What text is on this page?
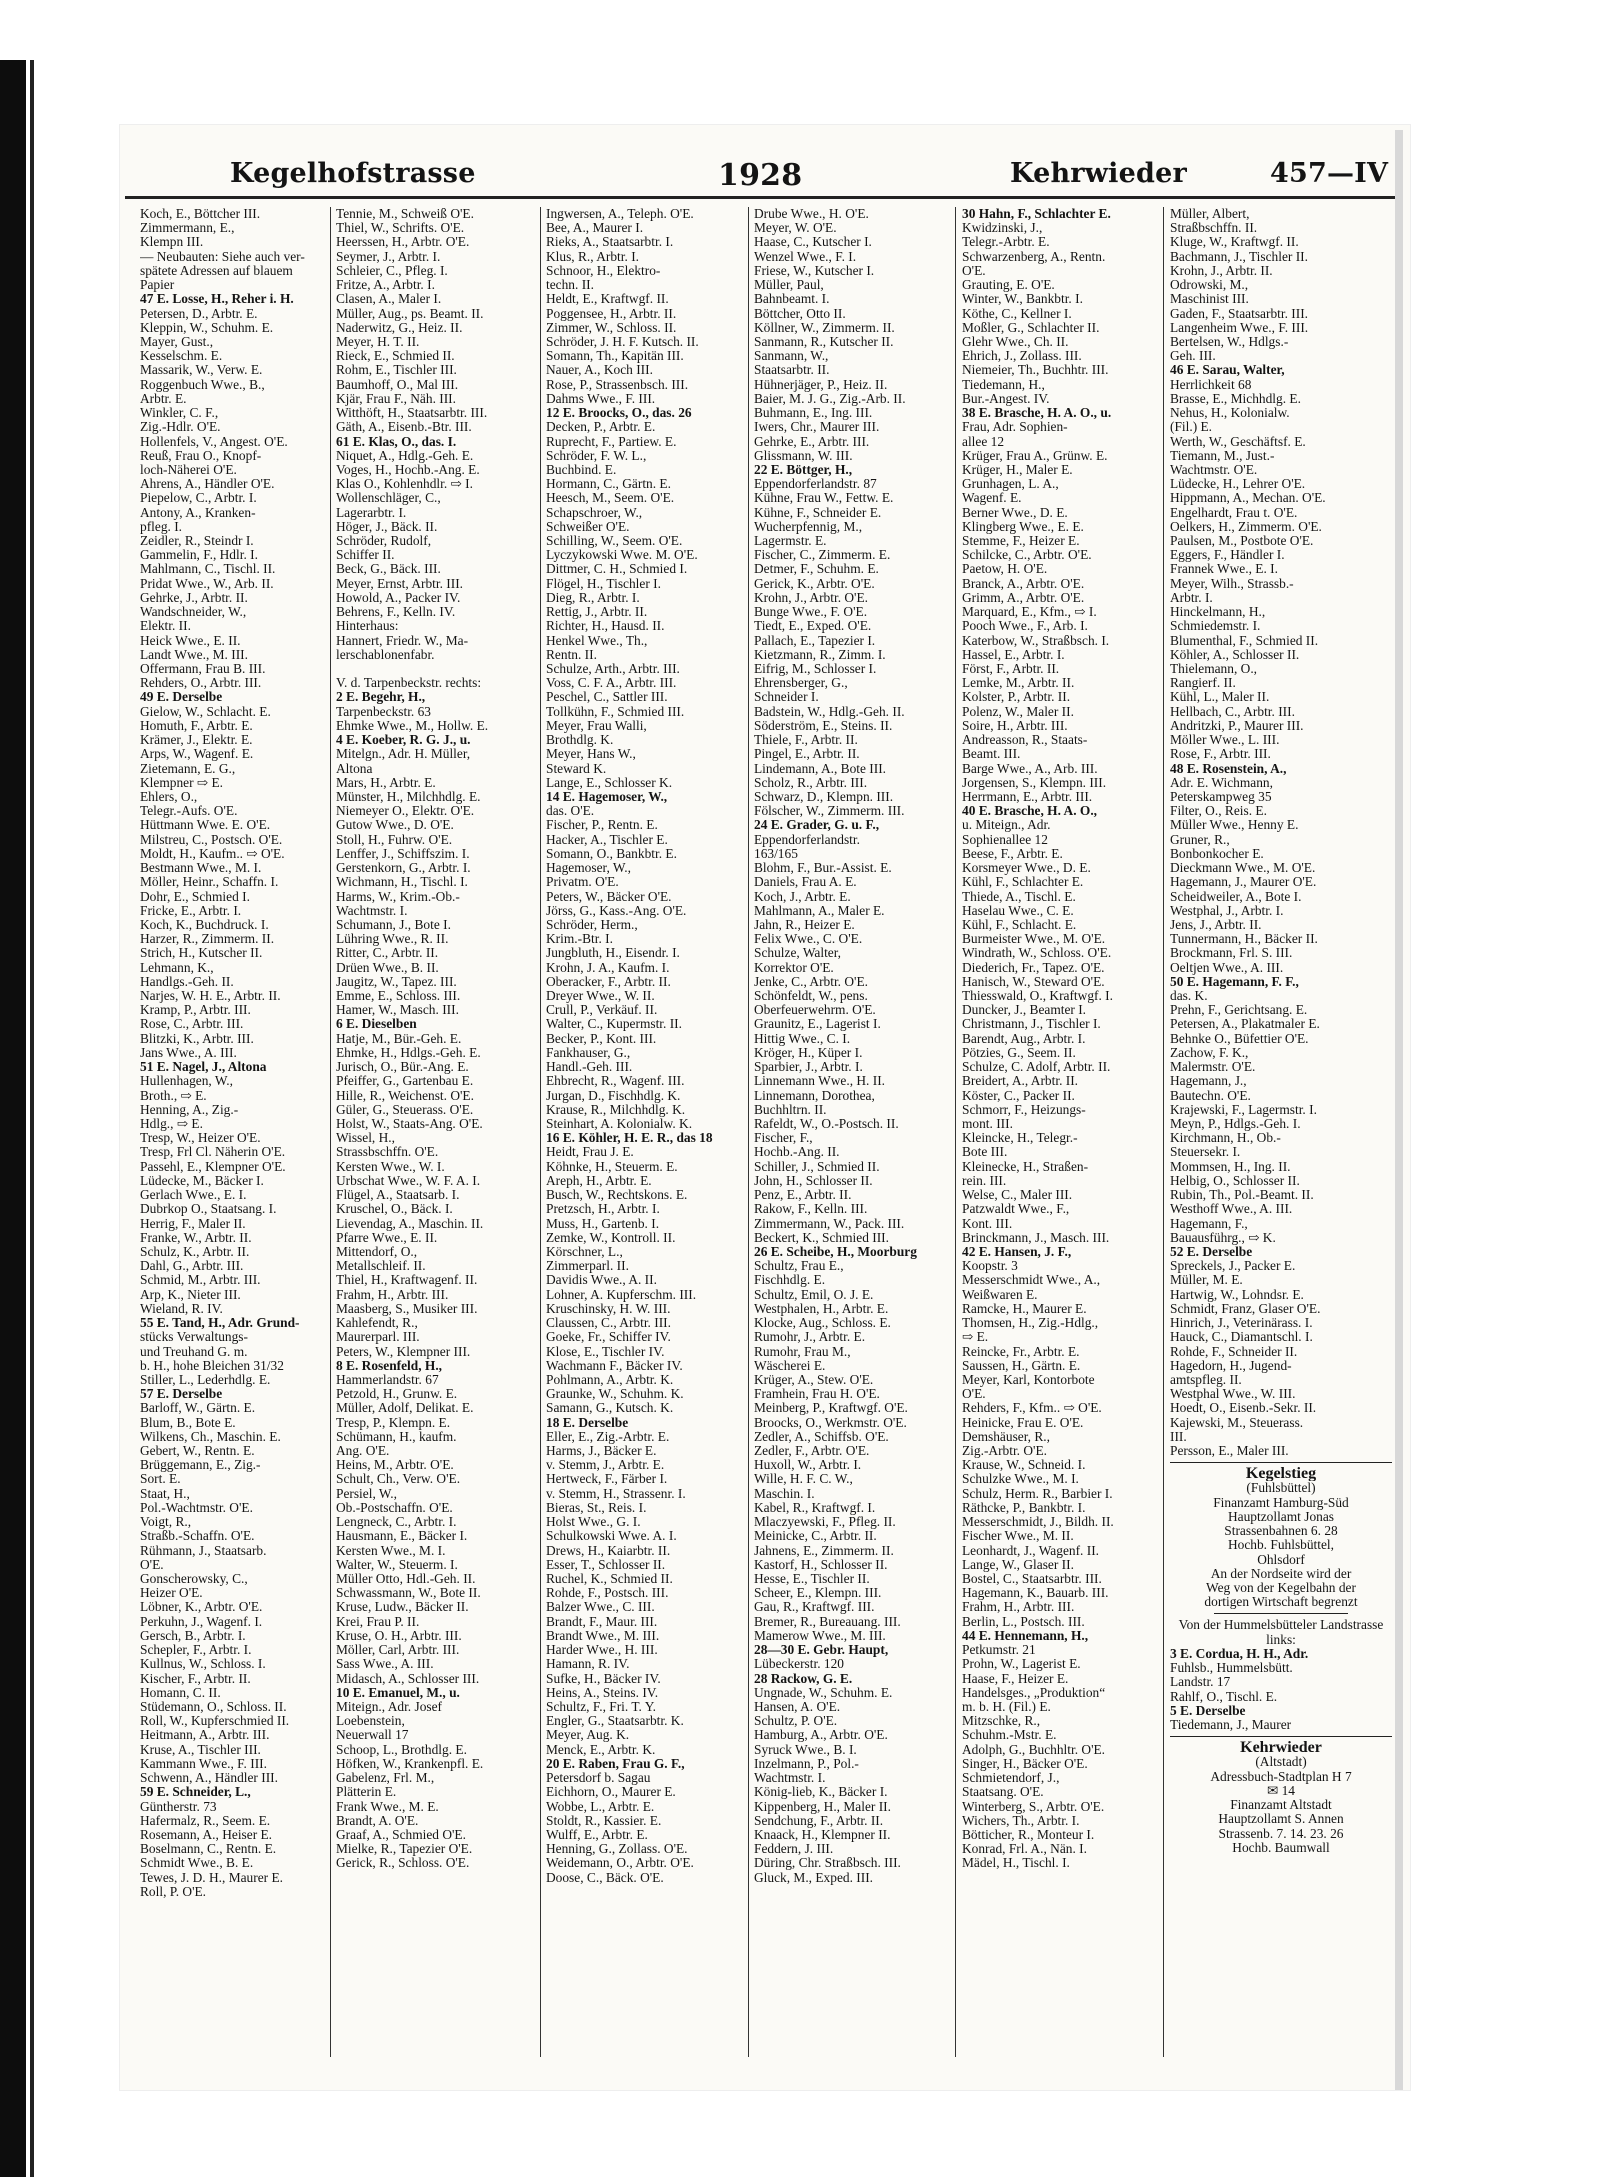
Kegelhofstrasse	1928	Kehrwieder	457—IV
Koch, E., Böttcher III.
Zimmermann, E.,
Klempn III.
— Neubauten: Siehe auch ver-
spätete Adressen auf blauem
Papier
47 E. Losse, H., Reher i. H.
Petersen, D., Arbtr. E.
Kleppin, W., Schuhm. E.
Mayer, Gust.,
Kesselschm. E.
Massarik, W., Verw. E.
Roggenbuch Wwe., B.,
Arbtr. E.
Winkler, C. F.,
Zig.-Hdlr. O'E.
Hollenfels, V., Angest. O'E.
Reuß, Frau O., Knopf-
loch-Näherei O'E.
Ahrens, A., Händler O'E.
Piepelow, C., Arbtr. I.
Antony, A., Kranken-
pfleg. I.
Zeidler, R., Steindr I.
Gammelin, F., Hdlr. I.
Mahlmann, C., Tischl. II.
Pridat Wwe., W., Arb. II.
Gehrke, J., Arbtr. II.
Wandschneider, W.,
Elektr. II.
Heick Wwe., E. II.
Landt Wwe., M. III.
Offermann, Frau B. III.
Rehders, O., Arbtr. III.
49 E. Derselbe
Gielow, W., Schlacht. E.
Homuth, F., Arbtr. E.
Krämer, J., Elektr. E.
Arps, W., Wagenf. E.
Zietemann, E. G.,
Klempner ⇨ E.
Ehlers, O.,
Telegr.-Aufs. O'E.
Hüttmann Wwe. E. O'E.
Milstreu, C., Postsch. O'E.
Moldt, H., Kaufm.. ⇨ O'E.
Bestmann Wwe., M. I.
Möller, Heinr., Schaffn. I.
Dohr, E., Schmied I.
Fricke, E., Arbtr. I.
Koch, K., Buchdruck. I.
Harzer, R., Zimmerm. II.
Strich, H., Kutscher II.
Lehmann, K.,
Handlgs.-Geh. II.
Narjes, W. H. E., Arbtr. II.
Kramp, P., Arbtr. III.
Rose, C., Arbtr. III.
Blitzki, K., Arbtr. III.
Jans Wwe., A. III.
51 E. Nagel, J., Altona
Hullenhagen, W.,
Broth., ⇨ E.
Henning, A., Zig.-
Hdlg., ⇨ E.
Tresp, W., Heizer O'E.
Tresp, Frl Cl. Näherin O'E.
Passehl, E., Klempner O'E.
Lüdecke, M., Bäcker I.
Gerlach Wwe., E. I.
Dubrkop O., Staatsang. I.
Herrig, F., Maler II.
Franke, W., Arbtr. II.
Schulz, K., Arbtr. II.
Dahl, G., Arbtr. III.
Schmid, M., Arbtr. III.
Arp, K., Nieter III.
Wieland, R. IV.
55 E. Tand, H., Adr. Grund-
stücks Verwaltungs-
und Treuhand G. m.
b. H., hohe Bleichen 31/32
Stiller, L., Lederhdlg. E.
57 E. Derselbe
Barloff, W., Gärtn. E.
Blum, B., Bote E.
Wilkens, Ch., Maschin. E.
Gebert, W., Rentn. E.
Brüggemann, E., Zig.-
Sort. E.
Staat, H.,
Pol.-Wachtmstr. O'E.
Voigt, R.,
Straßb.-Schaffn. O'E.
Rühmann, J., Staatsarb.
O'E.
Gonscherowsky, C.,
Heizer O'E.
Löbner, K., Arbtr. O'E.
Perkuhn, J., Wagenf. I.
Gersch, B., Arbtr. I.
Schepler, F., Arbtr. I.
Kullnus, W., Schloss. I.
Kischer, F., Arbtr. II.
Homann, C. II.
Stüdemann, O., Schloss. II.
Roll, W., Kupferschmied II.
Heitmann, A., Arbtr. III.
Kruse, A., Tischler III.
Kammann Wwe., F. III.
Schwenn, A., Händler III.
59 E. Schneider, L.,
Güntherstr. 73
Hafermalz, R., Seem. E.
Rosemann, A., Heiser E.
Boselmann, C., Rentn. E.
Schmidt Wwe., B. E.
Tewes, J. D. H., Maurer E.
Roll, P. O'E.
Tennie, M., Schweiß O'E.
Thiel, W., Schrifts. O'E.
Heerssen, H., Arbtr. O'E.
Seymer, J., Arbtr. I.
Schleier, C., Pfleg. I.
Fritze, A., Arbtr. I.
Clasen, A., Maler I.
Müller, Aug., ps. Beamt. II.
Naderwitz, G., Heiz. II.
Meyer, H. T. II.
Rieck, E., Schmied II.
Rohm, E., Tischler III.
Baumhoff, O., Mal III.
Kjär, Frau F., Näh. III.
Witthöft, H., Staatsarbtr. III.
Gäth, A., Eisenb.-Btr. III.
61 E. Klas, O., das. I.
Niquet, A., Hdlg.-Geh. E.
Voges, H., Hochb.-Ang. E.
Klas O., Kohlenhdlr. ⇨ I.
Wollenschläger, C.,
Lagerarbtr. I.
Höger, J., Bäck. II.
Schröder, Rudolf,
Schiffer II.
Beck, G., Bäck. III.
Meyer, Ernst, Arbtr. III.
Howold, A., Packer IV.
Behrens, F., Kelln. IV.
Hinterhaus:
Hannert, Friedr. W., Ma-
lerschablonenfabr.

V. d. Tarpenbeckstr. rechts:
2 E. Begehr, H.,
Tarpenbeckstr. 63
Ehmke Wwe., M., Hollw. E.
4 E. Koeber, R. G. J., u.
Mitelgn., Adr. H. Müller,
Altona
Mars, H., Arbtr. E.
Münster, H., Milchhdlg. E.
Niemeyer O., Elektr. O'E.
Gutow Wwe., D. O'E.
Stoll, H., Fuhrw. O'E.
Lenffer, J., Schiffszim. I.
Gerstenkorn, G., Arbtr. I.
Wichmann, H., Tischl. I.
Harms, W., Krim.-Ob.-
Wachtmstr. I.
Schumann, J., Bote I.
Lühring Wwe., R. II.
Ritter, C., Arbtr. II.
Drüen Wwe., B. II.
Jaugitz, W., Tapez. III.
Emme, E., Schloss. III.
Hamer, W., Masch. III.
6 E. Dieselben
Hatje, M., Bür.-Geh. E.
Ehmke, H., Hdlgs.-Geh. E.
Jurisch, O., Bür.-Ang. E.
Pfeiffer, G., Gartenbau E.
Hille, R., Weichenst. O'E.
Güler, G., Steuerass. O'E.
Holst, W., Staats-Ang. O'E.
Wissel, H.,
Strassbschffn. O'E.
Kersten Wwe., W. I.
Urbschat Wwe., W. F. A. I.
Flügel, A., Staatsarb. I.
Kruschel, O., Bäck. I.
Lievendag, A., Maschin. II.
Pfarre Wwe., E. II.
Mittendorf, O.,
Metallschleif. II.
Thiel, H., Kraftwagenf. II.
Frahm, H., Arbtr. III.
Maasberg, S., Musiker III.
Kahlefendt, R.,
Maurerparl. III.
Peters, W., Klempner III.
8 E. Rosenfeld, H.,
Hammerlandstr. 67
Petzold, H., Grunw. E.
Müller, Adolf, Delikat. E.
Tresp, P., Klempn. E.
Schümann, H., kaufm.
Ang. O'E.
Heins, M., Arbtr. O'E.
Schult, Ch., Verw. O'E.
Persiel, W.,
Ob.-Postschaffn. O'E.
Lengneck, C., Arbtr. I.
Hausmann, E., Bäcker I.
Kersten Wwe., M. I.
Walter, W., Steuerm. I.
Müller Otto, Hdl.-Geh. II.
Schwassmann, W., Bote II.
Kruse, Ludw., Bäcker II.
Krei, Frau P. II.
Kruse, O. H., Arbtr. III.
Möller, Carl, Arbtr. III.
Sass Wwe., A. III.
Midasch, A., Schlosser III.
10 E. Emanuel, M., u.
Miteign., Adr. Josef
Loebenstein,
Neuerwall 17
Schoop, L., Brothdlg. E.
Höfken, W., Krankenpfl. E.
Gabelenz, Frl. M.,
Plätterin E.
Frank Wwe., M. E.
Brandt, A. O'E.
Graaf, A., Schmied O'E.
Mielke, R., Tapezier O'E.
Gerick, R., Schloss. O'E.
Ingwersen, A., Teleph. O'E.
Bee, A., Maurer I.
Rieks, A., Staatsarbtr. I.
Klus, R., Arbtr. I.
Schnoor, H., Elektro-
techn. II.
Heldt, E., Kraftwgf. II.
Poggensee, H., Arbtr. II.
Zimmer, W., Schloss. II.
Schröder, J. H. F. Kutsch. II.
Somann, Th., Kapitän III.
Nauer, A., Koch III.
Rose, P., Strassenbsch. III.
Dahms Wwe., F. III.
12 E. Broocks, O., das. 26
Decken, P., Arbtr. E.
Ruprecht, F., Partiew. E.
Schröder, F. W. L.,
Buchbind. E.
Hormann, C., Gärtn. E.
Heesch, M., Seem. O'E.
Schapschroer, W.,
Schweißer O'E.
Schilling, W., Seem. O'E.
Lyczykowski Wwe. M. O'E.
Dittmer, C. H., Schmied I.
Flögel, H., Tischler I.
Dieg, R., Arbtr. I.
Rettig, J., Arbtr. II.
Richter, H., Hausd. II.
Henkel Wwe., Th.,
Rentn. II.
Schulze, Arth., Arbtr. III.
Voss, C. F. A., Arbtr. III.
Peschel, C., Sattler III.
Tollkühn, F., Schmied III.
Meyer, Frau Walli,
Brothdlg. K.
Meyer, Hans W.,
Steward K.
Lange, E., Schlosser K.
14 E. Hagemoser, W.,
das. O'E.
Fischer, P., Rentn. E.
Hacker, A., Tischler E.
Somann, O., Bankbtr. E.
Hagemoser, W.,
Privatm. O'E.
Peters, W., Bäcker O'E.
Jörss, G., Kass.-Ang. O'E.
Schröder, Herm.,
Krim.-Btr. I.
Jungbluth, H., Eisendr. I.
Krohn, J. A., Kaufm. I.
Oberacker, F., Arbtr. II.
Dreyer Wwe., W. II.
Crull, P., Verkäuf. II.
Walter, C., Kupermstr. II.
Becker, P., Kont. III.
Fankhauser, G.,
Handl.-Geh. III.
Ehbrecht, R., Wagenf. III.
Jurgan, D., Fischhdlg. K.
Krause, R., Milchhdlg. K.
Steinhart, A. Kolonialw. K.
16 E. Köhler, H. E. R., das 18
Heidt, Frau J. E.
Köhnke, H., Steuerm. E.
Areph, H., Arbtr. E.
Busch, W., Rechtskons. E.
Pretzsch, H., Arbtr. I.
Muss, H., Gartenb. I.
Zemke, W., Kontroll. II.
Körschner, L.,
Zimmerparl. II.
Davidis Wwe., A. II.
Lohner, A. Kupferschm. III.
Kruschinsky, H. W. III.
Claussen, C., Arbtr. III.
Goeke, Fr., Schiffer IV.
Klose, E., Tischler IV.
Wachmann F., Bäcker IV.
Pohlmann, A., Arbtr. K.
Graunke, W., Schuhm. K.
Samann, G., Kutsch. K.
18 E. Derselbe
Eller, E., Zig.-Arbtr. E.
Harms, J., Bäcker E.
v. Stemm, J., Arbtr. E.
Hertweck, F., Färber I.
v. Stemm, H., Strassenr. I.
Bieras, St., Reis. I.
Holst Wwe., G. I.
Schulkowski Wwe. A. I.
Drews, H., Kaiarbtr. II.
Esser, T., Schlosser II.
Ruchel, K., Schmied II.
Rohde, F., Postsch. III.
Balzer Wwe., C. III.
Brandt, F., Maur. III.
Brandt Wwe., M. III.
Harder Wwe., H. III.
Hamann, R. IV.
Sufke, H., Bäcker IV.
Heins, A., Steins. IV.
Schultz, F., Fri. T. Y.
Engler, G., Staatsarbtr. K.
Meyer, Aug. K.
Menck, E., Arbtr. K.
20 E. Raben, Frau G. F.,
Petersdorf b. Sagau
Eichhorn, O., Maurer E.
Wobbe, L., Arbtr. E.
Stoldt, R., Kassier. E.
Wulff, E., Arbtr. E.
Henning, G., Zollass. O'E.
Weidemann, O., Arbtr. O'E.
Doose, C., Bäck. O'E.
Drube Wwe., H. O'E.
Meyer, W. O'E.
Haase, C., Kutscher I.
Wenzel Wwe., F. I.
Friese, W., Kutscher I.
Müller, Paul,
Bahnbeamt. I.
Böttcher, Otto II.
Köllner, W., Zimmerm. II.
Sanmann, R., Kutscher II.
Sanmann, W.,
Staatsarbtr. II.
Hühnerjäger, P., Heiz. II.
Baier, M. J. G., Zig.-Arb. II.
Buhmann, E., Ing. III.
Iwers, Chr., Maurer III.
Gehrke, E., Arbtr. III.
Glissmann, W. III.
22 E. Böttger, H.,
Eppendorferlandstr. 87
Kühne, Frau W., Fettw. E.
Kühne, F., Schneider E.
Wucherpfennig, M.,
Lagermstr. E.
Fischer, C., Zimmerm. E.
Detmer, F., Schuhm. E.
Gerick, K., Arbtr. O'E.
Krohn, J., Arbtr. O'E.
Bunge Wwe., F. O'E.
Tiedt, E., Exped. O'E.
Pallach, E., Tapezier I.
Kietzmann, R., Zimm. I.
Eifrig, M., Schlosser I.
Ehrensberger, G.,
Schneider I.
Badstein, W., Hdlg.-Geh. II.
Söderström, E., Steins. II.
Thiele, F., Arbtr. II.
Pingel, E., Arbtr. II.
Lindemann, A., Bote III.
Scholz, R., Arbtr. III.
Schwarz, D., Klempn. III.
Fölscher, W., Zimmerm. III.
24 E. Grader, G. u. F.,
Eppendorferlandstr.
163/165
Blohm, F., Bur.-Assist. E.
Daniels, Frau A. E.
Koch, J., Arbtr. E.
Mahlmann, A., Maler E.
Jahn, R., Heizer E.
Felix Wwe., C. O'E.
Schulze, Walter,
Korrektor O'E.
Jenke, C., Arbtr. O'E.
Schönfeldt, W., pens.
Oberfeuerwehrm. O'E.
Graunitz, E., Lagerist I.
Hittig Wwe., C. I.
Kröger, H., Küper I.
Sparbier, J., Arbtr. I.
Linnemann Wwe., H. II.
Linnemann, Dorothea,
Buchhltrn. II.
Rafeldt, W., O.-Postsch. II.
Fischer, F.,
Hochb.-Ang. II.
Schiller, J., Schmied II.
John, H., Schlosser II.
Penz, E., Arbtr. II.
Rakow, F., Kelln. III.
Zimmermann, W., Pack. III.
Beckert, K., Schmied III.
26 E. Scheibe, H., Moorburg
Schultz, Frau E.,
Fischhdlg. E.
Schultz, Emil, O. J. E.
Westphalen, H., Arbtr. E.
Klocke, Aug., Schloss. E.
Rumohr, J., Arbtr. E.
Rumohr, Frau M.,
Wäscherei E.
Krüger, A., Stew. O'E.
Framhein, Frau H. O'E.
Meinberg, P., Kraftwgf. O'E.
Broocks, O., Werkmstr. O'E.
Zedler, A., Schiffsb. O'E.
Zedler, F., Arbtr. O'E.
Huxoll, W., Arbtr. I.
Wille, H. F. C. W.,
Maschin. I.
Kabel, R., Kraftwgf. I.
Mlaczyewski, F., Pfleg. II.
Meinicke, C., Arbtr. II.
Jahnens, E., Zimmerm. II.
Kastorf, H., Schlosser II.
Hesse, E., Tischler II.
Scheer, E., Klempn. III.
Gau, R., Kraftwgf. III.
Bremer, R., Bureauang. III.
Mamerow Wwe., M. III.
28—30 E. Gebr. Haupt,
Lübeckerstr. 120
28 Rackow, G. E.
Ungnade, W., Schuhm. E.
Hansen, A. O'E.
Schultz, P. O'E.
Hamburg, A., Arbtr. O'E.
Syruck Wwe., B. I.
Inzelmann, P., Pol.-
Wachtmstr. I.
König-lieb, K., Bäcker I.
Kippenberg, H., Maler II.
Sendchung, F., Arbtr. II.
Knaack, H., Klempner II.
Feddern, J. III.
Düring, Chr. Straßbsch. III.
Gluck, M., Exped. III.
30 Hahn, F., Schlachter E.
Kwidzinski, J.,
Telegr.-Arbtr. E.
Schwarzenberg, A., Rentn.
O'E.
Grauting, E. O'E.
Winter, W., Bankbtr. I.
Köthe, C., Kellner I.
Moßler, G., Schlachter II.
Glehr Wwe., Ch. II.
Ehrich, J., Zollass. III.
Niemeier, Th., Buchhtr. III.
Tiedemann, H.,
Bur.-Angest. IV.
38 E. Brasche, H. A. O., u.
Frau, Adr. Sophien-
allee 12
Krüger, Frau A., Grünw. E.
Krüger, H., Maler E.
Grunhagen, L. A.,
Wagenf. E.
Berner Wwe., D. E.
Klingberg Wwe., E. E.
Stemme, F., Heizer E.
Schilcke, C., Arbtr. O'E.
Paetow, H. O'E.
Branck, A., Arbtr. O'E.
Grimm, A., Arbtr. O'E.
Marquard, E., Kfm., ⇨ I.
Pooch Wwe., F., Arb. I.
Katerbow, W., Straßbsch. I.
Hassel, E., Arbtr. I.
Först, F., Arbtr. II.
Lemke, M., Arbtr. II.
Kolster, P., Arbtr. II.
Polenz, W., Maler II.
Soire, H., Arbtr. III.
Andreasson, R., Staats-
Beamt. III.
Barge Wwe., A., Arb. III.
Jorgensen, S., Klempn. III.
Herrmann, E., Arbtr. III.
40 E. Brasche, H. A. O.,
u. Miteign., Adr.
Sophienallee 12
Beese, F., Arbtr. E.
Korsmeyer Wwe., D. E.
Kühl, F., Schlachter E.
Thiede, A., Tischl. E.
Haselau Wwe., C. E.
Kühl, F., Schlacht. E.
Burmeister Wwe., M. O'E.
Windrath, W., Schloss. O'E.
Diederich, Fr., Tapez. O'E.
Hanisch, W., Steward O'E.
Thiesswald, O., Kraftwgf. I.
Duncker, J., Beamter I.
Christmann, J., Tischler I.
Barendt, Aug., Arbtr. I.
Pötzies, G., Seem. II.
Schulze, C. Adolf, Arbtr. II.
Breidert, A., Arbtr. II.
Köster, C., Packer II.
Schmorr, F., Heizungs-
mont. III.
Kleincke, H., Telegr.-
Bote III.
Kleinecke, H., Straßen-
rein. III.
Welse, C., Maler III.
Patzwaldt Wwe., F.,
Kont. III.
Brinckmann, J., Masch. III.
42 E. Hansen, J. F.,
Koopstr. 3
Messerschmidt Wwe., A.,
Weißwaren E.
Ramcke, H., Maurer E.
Thomsen, H., Zig.-Hdlg.,
⇨ E.
Reincke, Fr., Arbtr. E.
Saussen, H., Gärtn. E.
Meyer, Karl, Kontorbote
O'E.
Rehders, F., Kfm.. ⇨ O'E.
Heinicke, Frau E. O'E.
Demshäuser, R.,
Zig.-Arbtr. O'E.
Krause, W., Schneid. I.
Schulzke Wwe., M. I.
Schulz, Herm. R., Barbier I.
Räthcke, P., Bankbtr. I.
Messerschmidt, J., Bildh. II.
Fischer Wwe., M. II.
Leonhardt, J., Wagenf. II.
Lange, W., Glaser II.
Bostel, C., Staatsarbtr. III.
Hagemann, K., Bauarb. III.
Frahm, H., Arbtr. III.
Berlin, L., Postsch. III.
44 E. Hennemann, H.,
Petkumstr. 21
Prohn, W., Lagerist E.
Haase, F., Heizer E.
Handelsges., „Produktion“
m. b. H. (Fil.) E.
Mitzschke, R.,
Schuhm.-Mstr. E.
Adolph, G., Buchhltr. O'E.
Singer, H., Bäcker O'E.
Schmietendorf, J.,
Staatsang. O'E.
Winterberg, S., Arbtr. O'E.
Wichers, Th., Arbtr. I.
Bötticher, R., Monteur I.
Konrad, Frl. A., Nän. I.
Mädel, H., Tischl. I.
Müller, Albert,
Straßbschffn. II.
Kluge, W., Kraftwgf. II.
Bachmann, J., Tischler II.
Krohn, J., Arbtr. II.
Odrowski, M.,
Maschinist III.
Gaden, F., Staatsarbtr. III.
Langenheim Wwe., F. III.
Bertelsen, W., Hdlgs.-
Geh. III.
46 E. Sarau, Walter,
Herrlichkeit 68
Brasse, E., Michhdlg. E.
Nehus, H., Kolonialw.
(Fil.) E.
Werth, W., Geschäftsf. E.
Tiemann, M., Just.-
Wachtmstr. O'E.
Lüdecke, H., Lehrer O'E.
Hippmann, A., Mechan. O'E.
Engelhardt, Frau t. O'E.
Oelkers, H., Zimmerm. O'E.
Paulsen, M., Postbote O'E.
Eggers, F., Händler I.
Frannek Wwe., E. I.
Meyer, Wilh., Strassb.-
Arbtr. I.
Hinckelmann, H.,
Schmiedemstr. I.
Blumenthal, F., Schmied II.
Köhler, A., Schlosser II.
Thielemann, O.,
Rangierf. II.
Kühl, L., Maler II.
Hellbach, C., Arbtr. III.
Andritzki, P., Maurer III.
Möller Wwe., L. III.
Rose, F., Arbtr. III.
48 E. Rosenstein, A.,
Adr. E. Wichmann,
Peterskampweg 35
Filter, O., Reis. E.
Müller Wwe., Henny E.
Gruner, R.,
Bonbonkocher E.
Dieckmann Wwe., M. O'E.
Hagemann, J., Maurer O'E.
Scheidweiler, A., Bote I.
Westphal, J., Arbtr. I.
Jens, J., Arbtr. II.
Tunnermann, H., Bäcker II.
Brockmann, Frl. S. III.
Oeltjen Wwe., A. III.
50 E. Hagemann, F. F.,
das. K.
Prehn, F., Gerichtsang. E.
Petersen, A., Plakatmaler E.
Behnke O., Büfettier O'E.
Zachow, F. K.,
Malermstr. O'E.
Hagemann, J.,
Bautechn. O'E.
Krajewski, F., Lagermstr. I.
Meyn, P., Hdlgs.-Geh. I.
Kirchmann, H., Ob.-
Steuersekr. I.
Mommsen, H., Ing. II.
Helbig, O., Schlosser II.
Rubin, Th., Pol.-Beamt. II.
Westhoff Wwe., A. III.
Hagemann, F.,
Bauausführg., ⇨ K.
52 E. Derselbe
Spreckels, J., Packer E.
Müller, M. E.
Hartwig, W., Lohndsr. E.
Schmidt, Franz, Glaser O'E.
Hinrich, J., Veterinärass. I.
Hauck, C., Diamantschl. I.
Rohde, F., Schneider II.
Hagedorn, H., Jugend-
amtspfleg. II.
Westphal Wwe., W. III.
Hoedt, O., Eisenb.-Sekr. II.
Kajewski, M., Steuerass.
III.
Persson, E., Maler III.
Kegelstieg
(Fuhlsbüttel)
Finanzamt Hamburg-Süd
Hauptzollamt Jonas
Strassenbahnen 6. 28
Hochb. Fuhlsbüttel,
Ohlsdorf
An der Nordseite wird der
Weg von der Kegelbahn der
dortigen Wirtschaft begrenzt
Von der Hummelsbütteler Landstrasse links:
3 E. Cordua, H. H., Adr.
Fuhlsb., Hummelsbütt.
Landstr. 17
Rahlf, O., Tischl. E.
5 E. Derselbe
Tiedemann, J., Maurer
Kehrwieder
(Altstadt)
Adressbuch-Stadtplan H 7
✉ 14
Finanzamt Altstadt
Hauptzollamt S. Annen
Strassenb. 7. 14. 23. 26
Hochb. Baumwall
